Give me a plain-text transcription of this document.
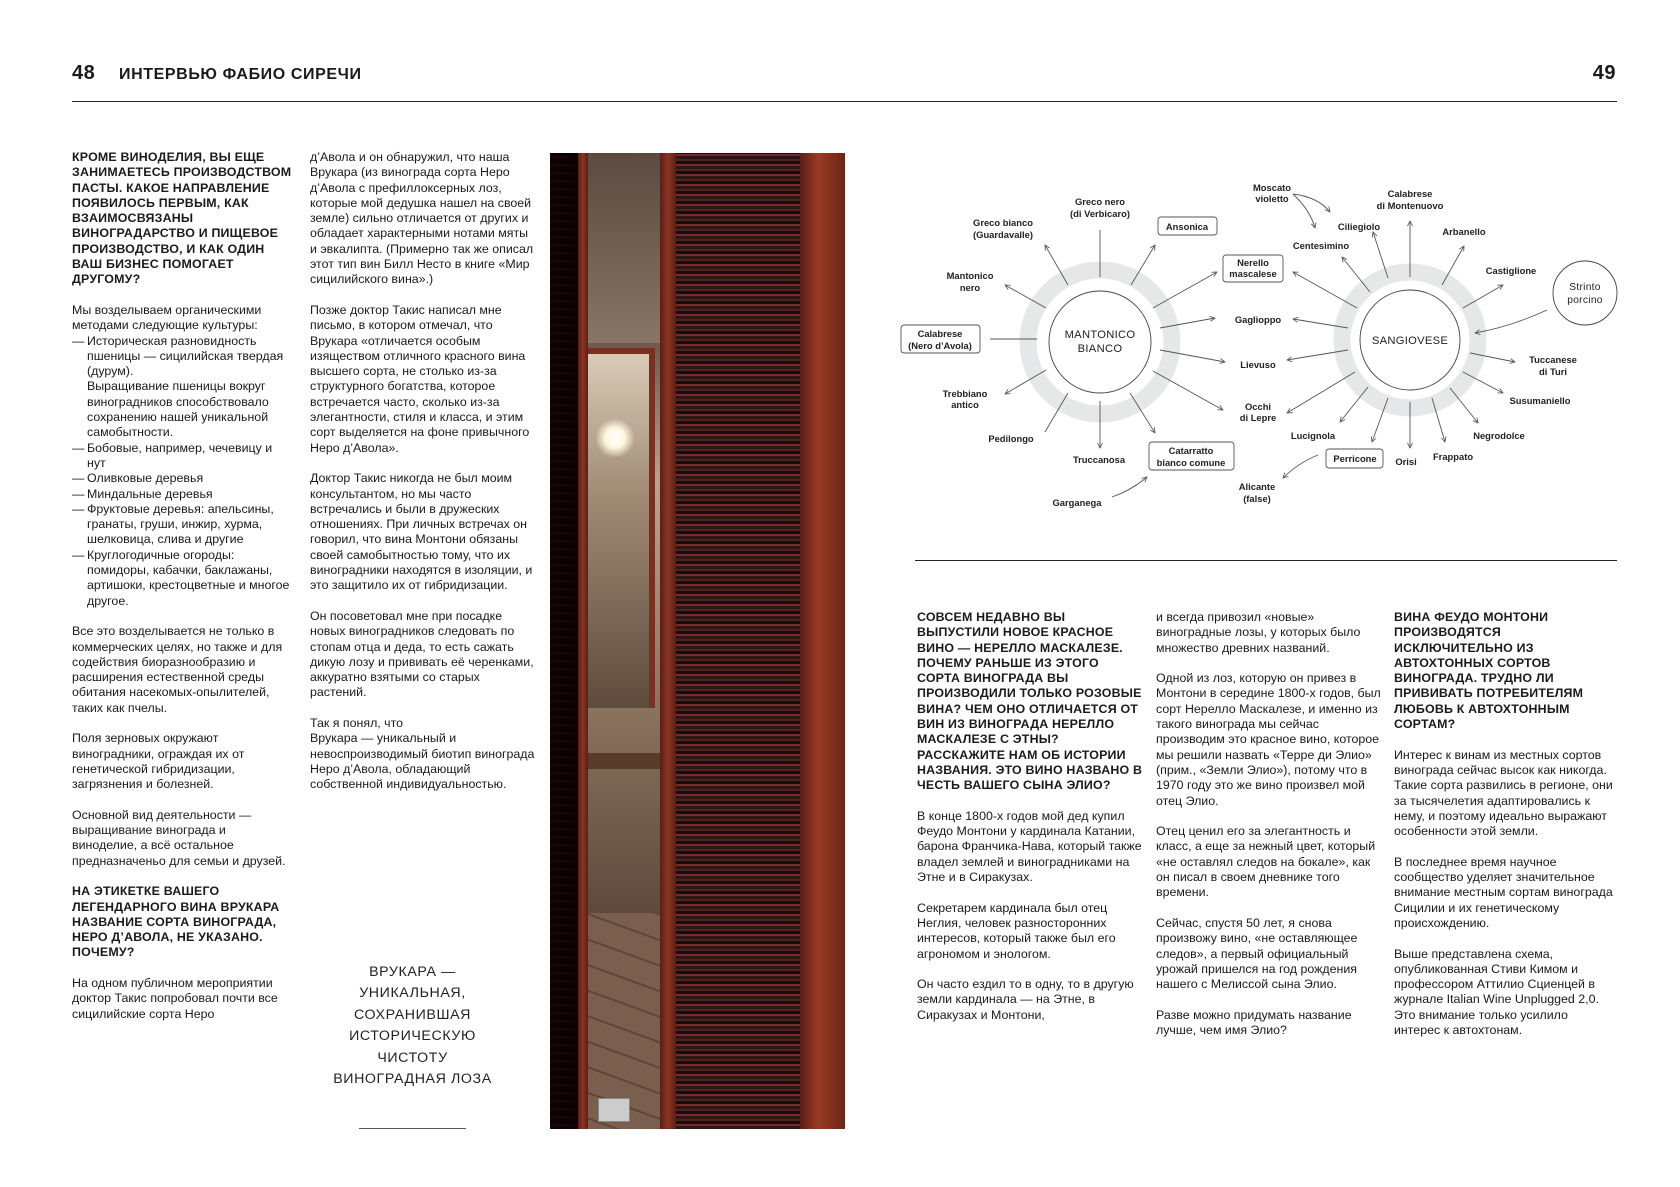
48 ИНТЕРВЬЮ ФАБИО СИРЕЧИ	49
КРОМЕ ВИНОДЕЛИЯ, ВЫ ЕЩЕ ЗАНИМАЕТЕСЬ ПРОИЗВОДСТВОМ ПАСТЫ. КАКОЕ НАПРАВЛЕНИЕ ПОЯВИЛОСЬ ПЕРВЫМ, КАК ВЗАИМОСВЯЗАНЫ ВИНОГРАДАРСТВО И ПИЩЕВОЕ ПРОИЗВОДСТВО, И КАК ОДИН ВАШ БИЗНЕС ПОМОГАЕТ ДРУГОМУ?
Мы возделываем органическими методами следующие культуры:
— Историческая разновидность пшеницы — сицилийская твердая (дурум).
Выращивание пшеницы вокруг виноградников способствовало сохранению нашей уникальной самобытности.
— Бобовые, например, чечевицу и нут
— Оливковые деревья
— Миндальные деревья
— Фруктовые деревья: апельсины, гранаты, груши, инжир, хурма, шелковица, слива и другие
— Круглогодичные огороды: помидоры, кабачки, баклажаны, артишоки, крестоцветные и многое другое.
Все это возделывается не только в коммерческих целях, но также и для содействия биоразнообразию и расширения естественной среды обитания насекомых-опылителей, таких как пчелы.
Поля зерновых окружают виноградники, ограждая их от генетической гибридизации, загрязнения и болезней.
Основной вид деятельности — выращивание винограда и виноделие, а всё остальное предназначеньо для семьи и друзей.
НА ЭТИКЕТКЕ ВАШЕГО ЛЕГЕНДАРНОГО ВИНА ВРУКАРА НАЗВАНИЕ СОРТА ВИНОГРАДА, НЕРО Д’АВОЛА, НЕ УКАЗАНО. ПОЧЕМУ?
На одном публичном мероприятии доктор Такис попробовал почти все сицилийские сорта Неро
д’Авола и он обнаружил, что наша Врукара (из винограда сорта Неро д’Авола с префиллоксерных лоз, которые мой дедушка нашел на своей земле) сильно отличается от других и обладает характерными нотами мяты и эвкалипта. (Примерно так же описал этот тип вин Билл Несто в книге «Мир сицилийского вина».)
Позже доктор Такис написал мне письмо, в котором отмечал, что Врукара «отличается особым изяществом отличного красного вина высшего сорта, не столько из-за структурного богатства, которое встречается часто, сколько из-за элегантности, стиля и класса, и этим сорт выделяется на фоне привычного Неро д’Авола».
Доктор Такис никогда не был моим консультантом, но мы часто встречались и были в дружеских отношениях. При личных встречах он говорил, что вина Монтони обязаны своей самобытностью тому, что их виноградники находятся в изоляции, и это защитило их от гибридизации.
Он посоветовал мне при посадке новых виноградников следовать по стопам отца и деда, то есть сажать дикую лозу и прививать её черенками, аккуратно взятыми со старых растений.
Так я понял, что
Врукара — уникальный и невоспроизводимый биотип винограда Неро д’Авола, обладающий собственной индивидуальностью.
СОВСЕМ НЕДАВНО ВЫ ВЫПУСТИЛИ НОВОЕ КРАСНОЕ ВИНО — НЕРЕЛЛО МАСКАЛЕЗЕ. ПОЧЕМУ РАНЬШЕ ИЗ ЭТОГО СОРТА ВИНОГРАДА ВЫ ПРОИЗВОДИЛИ ТОЛЬКО РОЗОВЫЕ ВИНА? ЧЕМ ОНО ОТЛИЧАЕТСЯ ОТ ВИН ИЗ ВИНОГРАДА НЕРЕЛЛО МАСКАЛЕЗЕ С ЭТНЫ? РАССКАЖИТЕ НАМ ОБ ИСТОРИИ НАЗВАНИЯ. ЭТО ВИНО НАЗВАНО В ЧЕСТЬ ВАШЕГО СЫНА ЭЛИО?
В конце 1800-х годов мой дед купил Феудо Монтони у кардинала Катании, барона Франчика-Нава, который также владел землей и виноградниками на Этне и в Сиракузах.
Секретарем кардинала был отец Неглия, человек разносторонних интересов, который также был его агрономом и энологом.
Он часто ездил то в одну, то в другую земли кардинала — на Этне, в Сиракузах и Монтони,
и всегда привозил «новые» виноградные лозы, у которых было множество древних названий.
Одной из лоз, которую он привез в Монтони в середине 1800-х годов, был сорт Нерелло Маскалезе, и именно из такого винограда мы сейчас производим это красное вино, которое мы решили назвать «Терре ди Элио» (прим., «Земли Элио»), потому что в 1970 году это же вино произвел мой отец Элио.
Отец ценил его за элегантность и класс, а еще за нежный цвет, который «не оставлял следов на бокале», как он писал в своем дневнике того времени.
Сейчас, спустя 50 лет, я снова произвожу вино, «не оставляющее следов», а первый официальный урожай пришелся на год рождения нашего с Мелиссой сына Элио.
Разве можно придумать название лучше, чем имя Элио?
ВИНА ФЕУДО МОНТОНИ ПРОИЗВОДЯТСЯ ИСКЛЮЧИТЕЛЬНО ИЗ АВТОХТОННЫХ СОРТОВ ВИНОГРАДА. ТРУДНО ЛИ ПРИВИВАТЬ ПОТРЕБИТЕЛЯМ ЛЮБОВЬ К АВТОХТОННЫМ СОРТАМ?
Интерес к винам из местных сортов винограда сейчас высок как никогда. Такие сорта развились в регионе, они за тысячелетия адаптировались к нему, и поэтому идеально выражают особенности этой земли.
В последнее время научное сообщество уделяет значительное внимание местным сортам винограда Сицилии и их генетическому происхождению.
Выше представлена схема, опубликованная Стиви Кимом и профессором Аттилио Сциенцей в журнале Italian Wine Unplugged 2,0. Это внимание только усилило интерес к автохтонам.
ВРУКАРА — УНИКАЛЬНАЯ, СОХРАНИВШАЯ ИСТОРИЧЕСКУЮ ЧИСТОТУ ВИНОГРАДНАЯ ЛОЗА
MANTONICO
BIANCO
SANGIOVESE
Strinto
porcino
Greco nero
(di Verbicaro)
Greco bianco
(Guardavalle)
Ansonica
Mantonico
nero
Nerello
mascalese
Calabrese
(Nero d’Avola)
Gaglioppo
Lievuso
Occhi
di Lepre
Trebbiano
antico
Pedilongo
Truccanosa
Catarratto
bianco comune
Garganega
Alicante
(false)
Moscato
violetto	Calabrese
di Montenuovo
Ciliegiolo	Arbanello
Centesimino
Castiglione
Tuccanese
di Turi
Susumaniello
Lucignola	Negrodolce
Perricone Orisi Frappato
